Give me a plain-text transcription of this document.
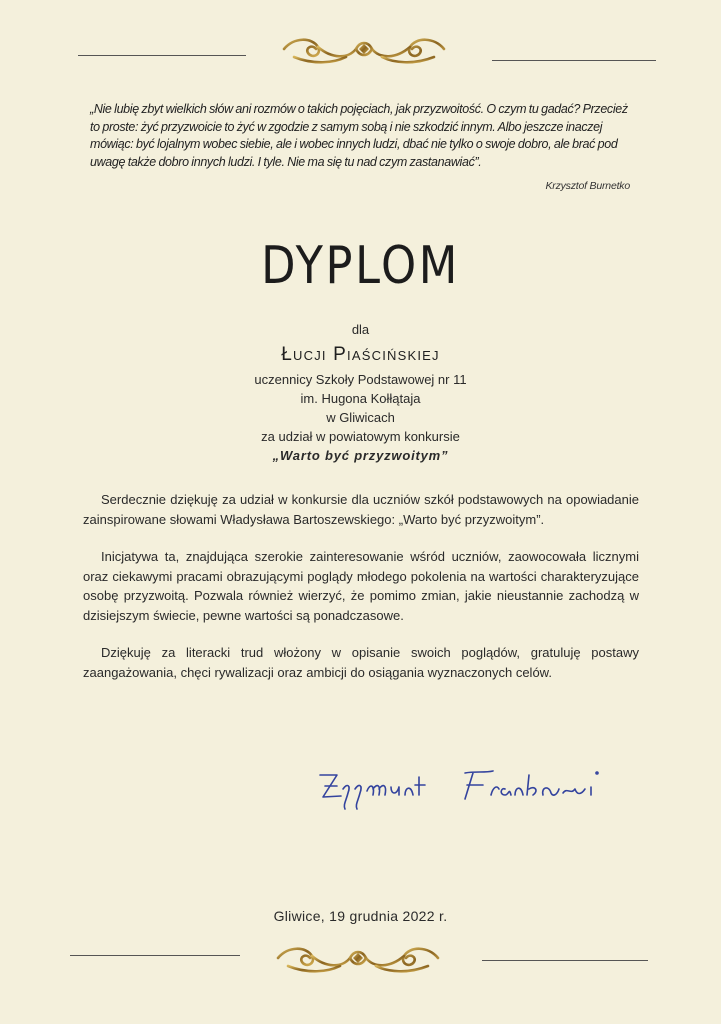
„Nie lubię zbyt wielkich słów ani rozmów o takich pojęciach, jak przyzwoitość. O czym tu gadać? Przecież to proste: żyć przyzwoicie to żyć w zgodzie z samym sobą i nie szkodzić innym. Albo jeszcze inaczej mówiąc: być lojalnym wobec siebie, ale i wobec innych ludzi, dbać nie tylko o swoje dobro, ale brać pod uwagę także dobro innych ludzi. I tyle. Nie ma się tu nad czym zastanawiać”.
Krzysztof Burnetko
DYPLOM
dla
Łucji Piaścińskiej
uczennicy Szkoły Podstawowej nr 11
im. Hugona Kołłątaja
w Gliwicach
za udział w powiatowym konkursie
„Warto być przyzwoitym”

Serdecznie dziękuję za udział w konkursie dla uczniów szkół podstawowych na opowiadanie zainspirowane słowami Władysława Bartoszewskiego: „Warto być przyzwoitym”.

Inicjatywa ta, znajdująca szerokie zainteresowanie wśród uczniów, zaowocowała licznymi oraz ciekawymi pracami obrazującymi poglądy młodego pokolenia na wartości charakteryzujące osobę przyzwoitą. Pozwala również wierzyć, że pomimo zmian, jakie nieustannie zachodzą w dzisiejszym świecie, pewne wartości są ponadczasowe.

Dziękuję za literacki trud włożony w opisanie swoich poglądów, gratuluję postawy zaangażowania, chęci rywalizacji oraz ambicji do osiągania wyznaczonych celów.

Gliwice, 19 grudnia 2022 r.
